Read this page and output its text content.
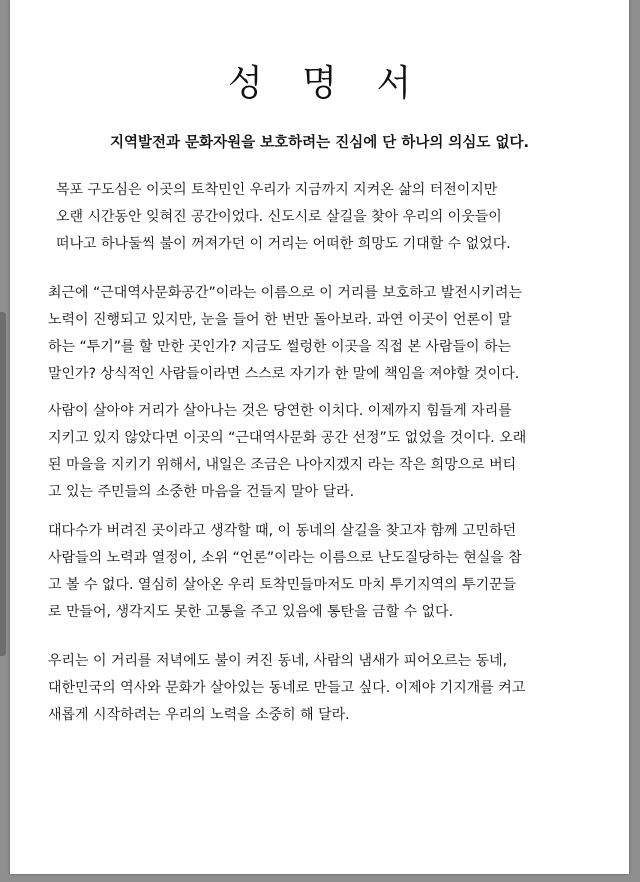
성 명 서

지역발전과 문화자원을 보호하려는 진심에 단 하나의 의심도 없다.

목포 구도심은 이곳의 토착민인 우리가 지금까지 지켜온 삶의 터전이지만
오랜 시간동안 잊혀진 공간이었다. 신도시로 살길을 찾아 우리의 이웃들이
떠나고 하나둘씩 불이 꺼져가던 이 거리는 어떠한 희망도 기대할 수 없었다.

최근에 “근대역사문화공간”이라는 이름으로 이 거리를 보호하고 발전시키려는
노력이 진행되고 있지만, 눈을 들어 한 번만 돌아보라. 과연 이곳이 언론이 말
하는 “투기”를 할 만한 곳인가? 지금도 썰렁한 이곳을 직접 본 사람들이 하는
말인가? 상식적인 사람들이라면 스스로 자기가 한 말에 책임을 져야할 것이다.

사람이 살아야 거리가 살아나는 것은 당연한 이치다. 이제까지 힘들게 자리를
지키고 있지 않았다면 이곳의 “근대역사문화 공간 선정”도 없었을 것이다. 오래
된 마을을 지키기 위해서, 내일은 조금은 나아지겠지 라는 작은 희망으로 버티
고 있는 주민들의 소중한 마음을 건들지 말아 달라.

대다수가 버려진 곳이라고 생각할 때, 이 동네의 살길을 찾고자 함께 고민하던
사람들의 노력과 열정이, 소위 “언론”이라는 이름으로 난도질당하는 현실을 참
고 볼 수 없다. 열심히 살아온 우리 토착민들마저도 마치 투기지역의 투기꾼들
로 만들어, 생각지도 못한 고통을 주고 있음에 통탄을 금할 수 없다.

우리는 이 거리를 저녁에도 불이 켜진 동네, 사람의 냄새가 피어오르는 동네,
대한민국의 역사와 문화가 살아있는 동네로 만들고 싶다. 이제야 기지개를 켜고
새롭게 시작하려는 우리의 노력을 소중히 해 달라.
